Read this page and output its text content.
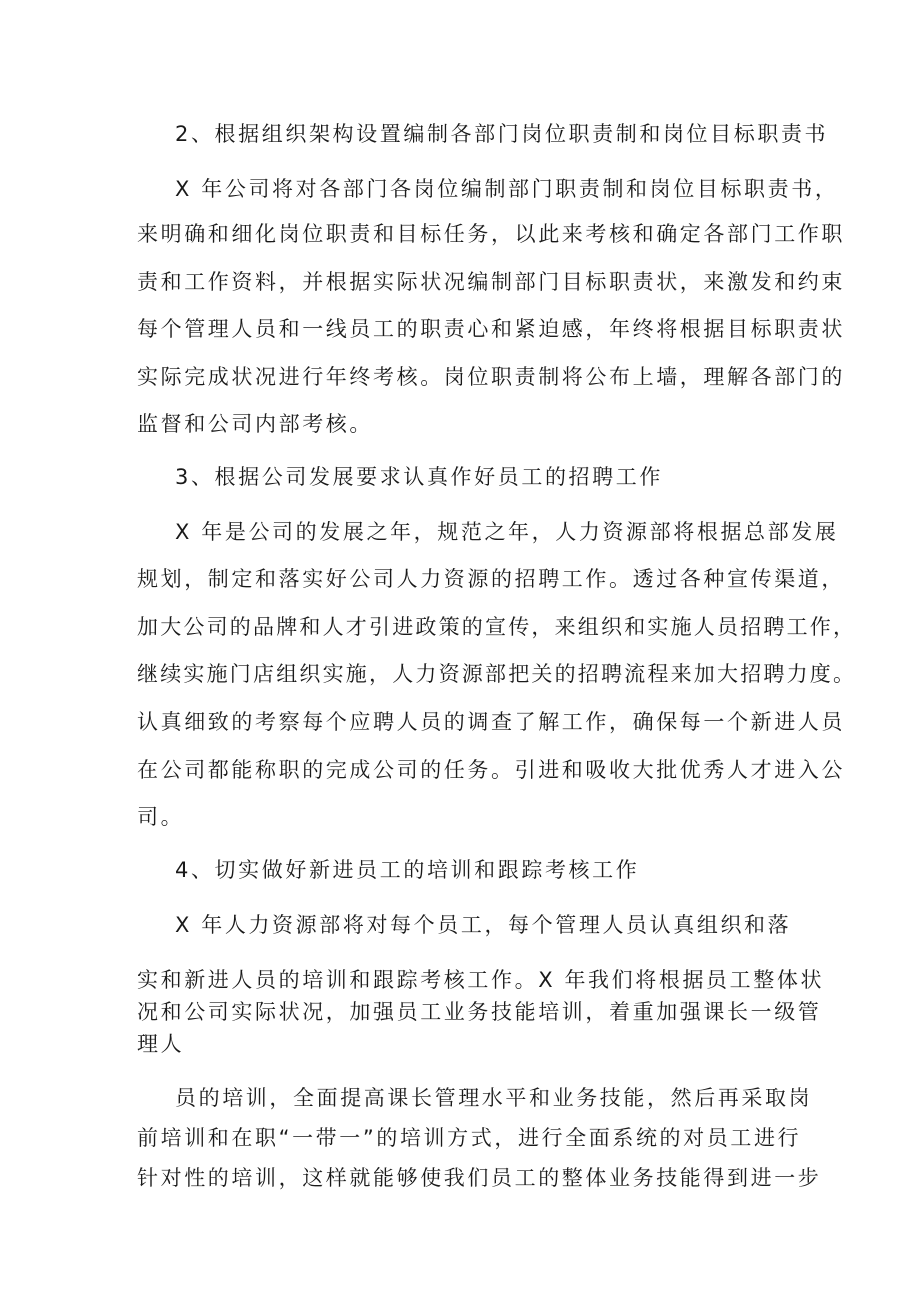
2、根据组织架构设置编制各部门岗位职责制和岗位目标职责书
X 年公司将对各部门各岗位编制部门职责制和岗位目标职责书，
来明确和细化岗位职责和目标任务，以此来考核和确定各部门工作职
责和工作资料，并根据实际状况编制部门目标职责状，来激发和约束
每个管理人员和一线员工的职责心和紧迫感，年终将根据目标职责状
实际完成状况进行年终考核。岗位职责制将公布上墙，理解各部门的
监督和公司内部考核。
3、根据公司发展要求认真作好员工的招聘工作
X 年是公司的发展之年，规范之年，人力资源部将根据总部发展
规划，制定和落实好公司人力资源的招聘工作。透过各种宣传渠道，
加大公司的品牌和人才引进政策的宣传，来组织和实施人员招聘工作，
继续实施门店组织实施，人力资源部把关的招聘流程来加大招聘力度。
认真细致的考察每个应聘人员的调查了解工作，确保每一个新进人员
在公司都能称职的完成公司的任务。引进和吸收大批优秀人才进入公
司。
4、切实做好新进员工的培训和跟踪考核工作
X 年人力资源部将对每个员工，每个管理人员认真组织和落
实和新进人员的培训和跟踪考核工作。X 年我们将根据员工整体状
况和公司实际状况，加强员工业务技能培训，着重加强课长一级管
理人
员的培训，全面提高课长管理水平和业务技能，然后再采取岗
前培训和在职“一带一”的培训方式，进行全面系统的对员工进行
针对性的培训，这样就能够使我们员工的整体业务技能得到进一步
